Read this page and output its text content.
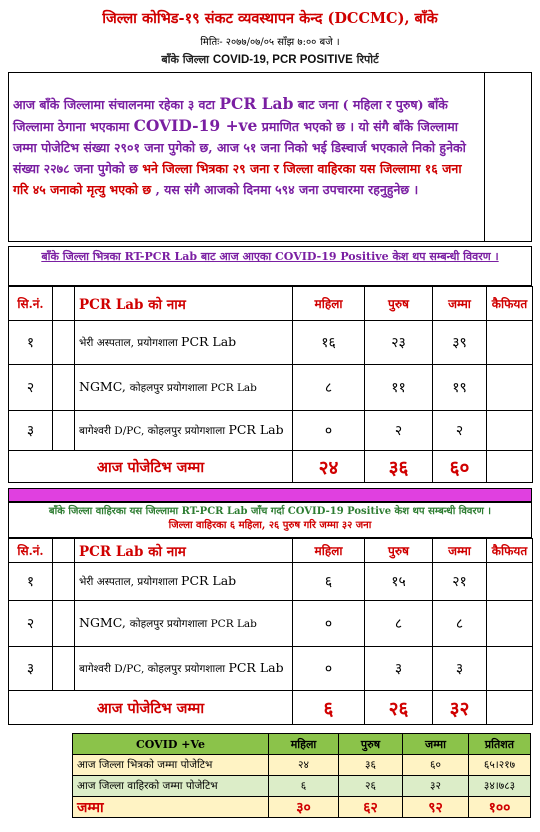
जिल्ला कोभिड-१९ संकट व्यवस्थापन केन्द (DCCMC), बाँके
मितिः- २०७७/०७/०५ साँझ ७:०० बजे ।
बाँके जिल्ला COVID-19, PCR POSITIVE रिपोर्ट
आज बाँके जिल्लामा संचालनमा रहेका ३ वटा PCR Lab बाट जना ( महिला र पुरुष) बाँके जिल्लामा ठेगाना भएकामा COVID-19 +ve प्रमाणित भएको छ । यो संगै बाँके जिल्लामा जम्मा पोजेटिभ संख्या २९०१ जना पुगेको छ, आज ५१ जना निको भई डिस्चार्ज भएकाले निको हुनेको संख्या २२७८ जना पुगेको छ भने जिल्ला भित्रका २९ जना र जिल्ला वाहिरका यस जिल्लामा १६ जना गरि ४५ जनाको मृत्यु भएको छ , यस संगै आजको दिनमा ५९४ जना उपचारमा रहनुहुनेछ ।
बाँके जिल्ला भित्रका RT-PCR Lab बाट आज आएका COVID-19 Positive केश थप सम्बन्धी विवरण ।
सि.नं.		PCR Lab को नाम	महिला	पुरुष	जम्मा	कैफियत
१		भेरी अस्पताल, प्रयोगशाला PCR Lab	१६	२३	३९	
२		NGMC, कोहलपुर प्रयोगशाला PCR Lab	८	११	१९	
३		बागेश्वरी D/PC, कोहलपुर प्रयोगशाला PCR Lab	०	२	२	
आज पोजेटिभ जम्मा			२४	३६	६०	
बाँके जिल्ला वाहिरका यस जिल्लामा RT-PCR Lab जाँच गर्दा COVID-19 Positive केश थप सम्बन्धी विवरण ।
जिल्ला वाहिरका ६ महिला, २६ पुरुष गरि जम्मा ३२ जना
सि.नं.		PCR Lab को नाम	महिला	पुरुष	जम्मा	कैफियत
१		भेरी अस्पताल, प्रयोगशाला PCR Lab	६	१५	२१	
२		NGMC, कोहलपुर प्रयोगशाला PCR Lab	०	८	८	
३		बागेश्वरी D/PC, कोहलपुर प्रयोगशाला PCR Lab	०	३	३	
आज पोजेटिभ जम्मा			६	२६	३२	
COVID +Ve	महिला	पुरुष	जम्मा	प्रतिशत
आज जिल्ला भित्रको जम्मा पोजेटिभ	२४	३६	६०	६५।२१७
आज जिल्ला वाहिरको जम्मा पोजेटिभ	६	२६	३२	३४।७८३
जम्मा	३०	६२	९२	१००
